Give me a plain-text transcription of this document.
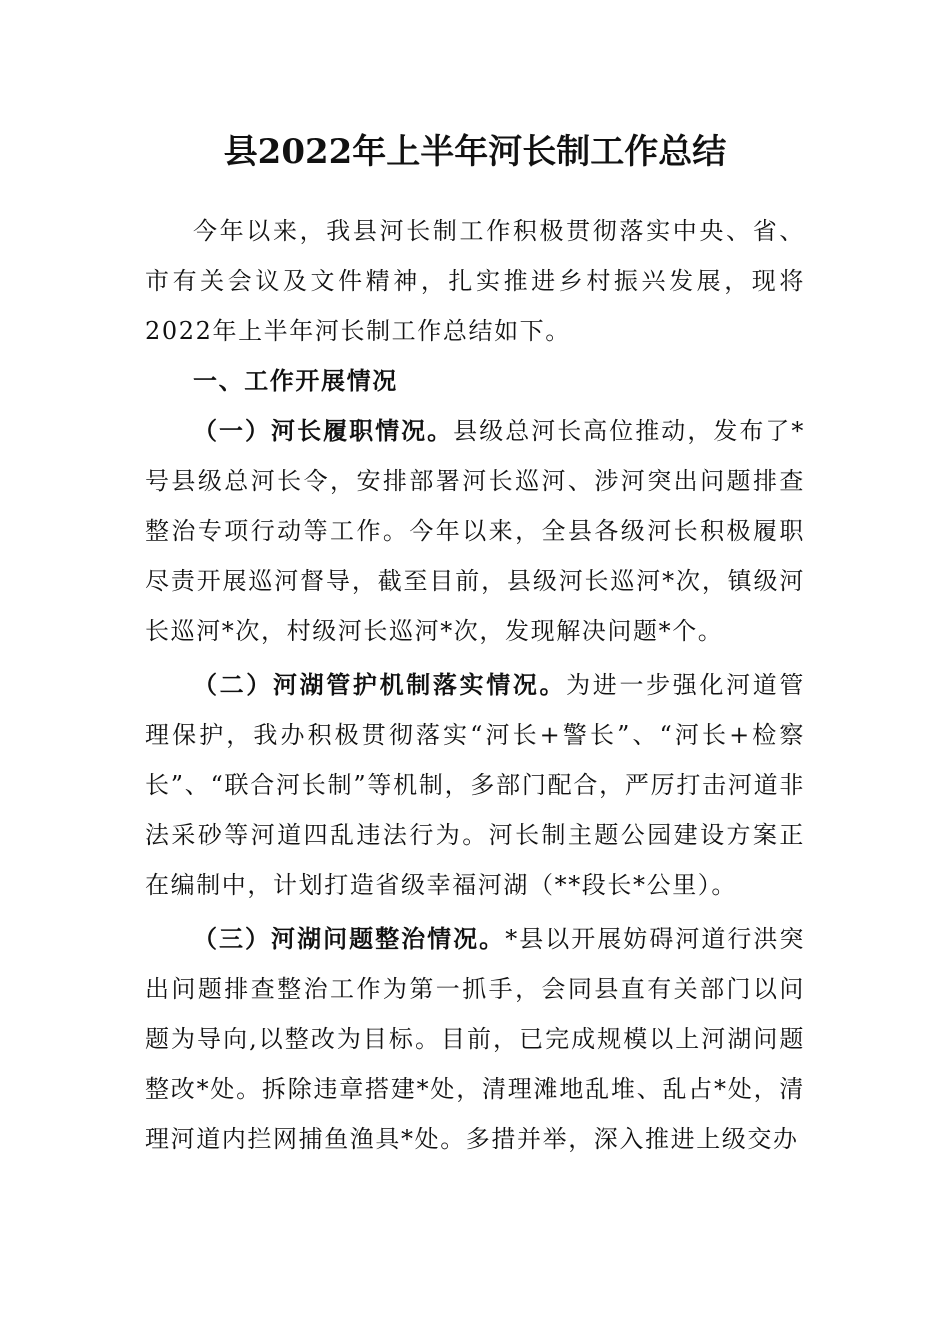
县2022年上半年河长制工作总结

今年以来，我县河长制工作积极贯彻落实中央、省、市有关会议及文件精神，扎实推进乡村振兴发展，现将2022年上半年河长制工作总结如下。

一、工作开展情况

（一）河长履职情况。县级总河长高位推动，发布了*号县级总河长令，安排部署河长巡河、涉河突出问题排查整治专项行动等工作。今年以来，全县各级河长积极履职尽责开展巡河督导，截至目前，县级河长巡河*次，镇级河长巡河*次，村级河长巡河*次，发现解决问题*个。

（二）河湖管护机制落实情况。为进一步强化河道管理保护，我办积极贯彻落实“河长+警长”、“河长+检察长”、“联合河长制”等机制，多部门配合，严厉打击河道非法采砂等河道四乱违法行为。河长制主题公园建设方案正在编制中，计划打造省级幸福河湖（**段长*公里）。

（三）河湖问题整治情况。*县以开展妨碍河道行洪突出问题排查整治工作为第一抓手，会同县直有关部门以问题为导向,以整改为目标。目前，已完成规模以上河湖问题整改*处。拆除违章搭建*处，清理滩地乱堆、乱占*处，清理河道内拦网捕鱼渔具*处。多措并举，深入推进上级交办
